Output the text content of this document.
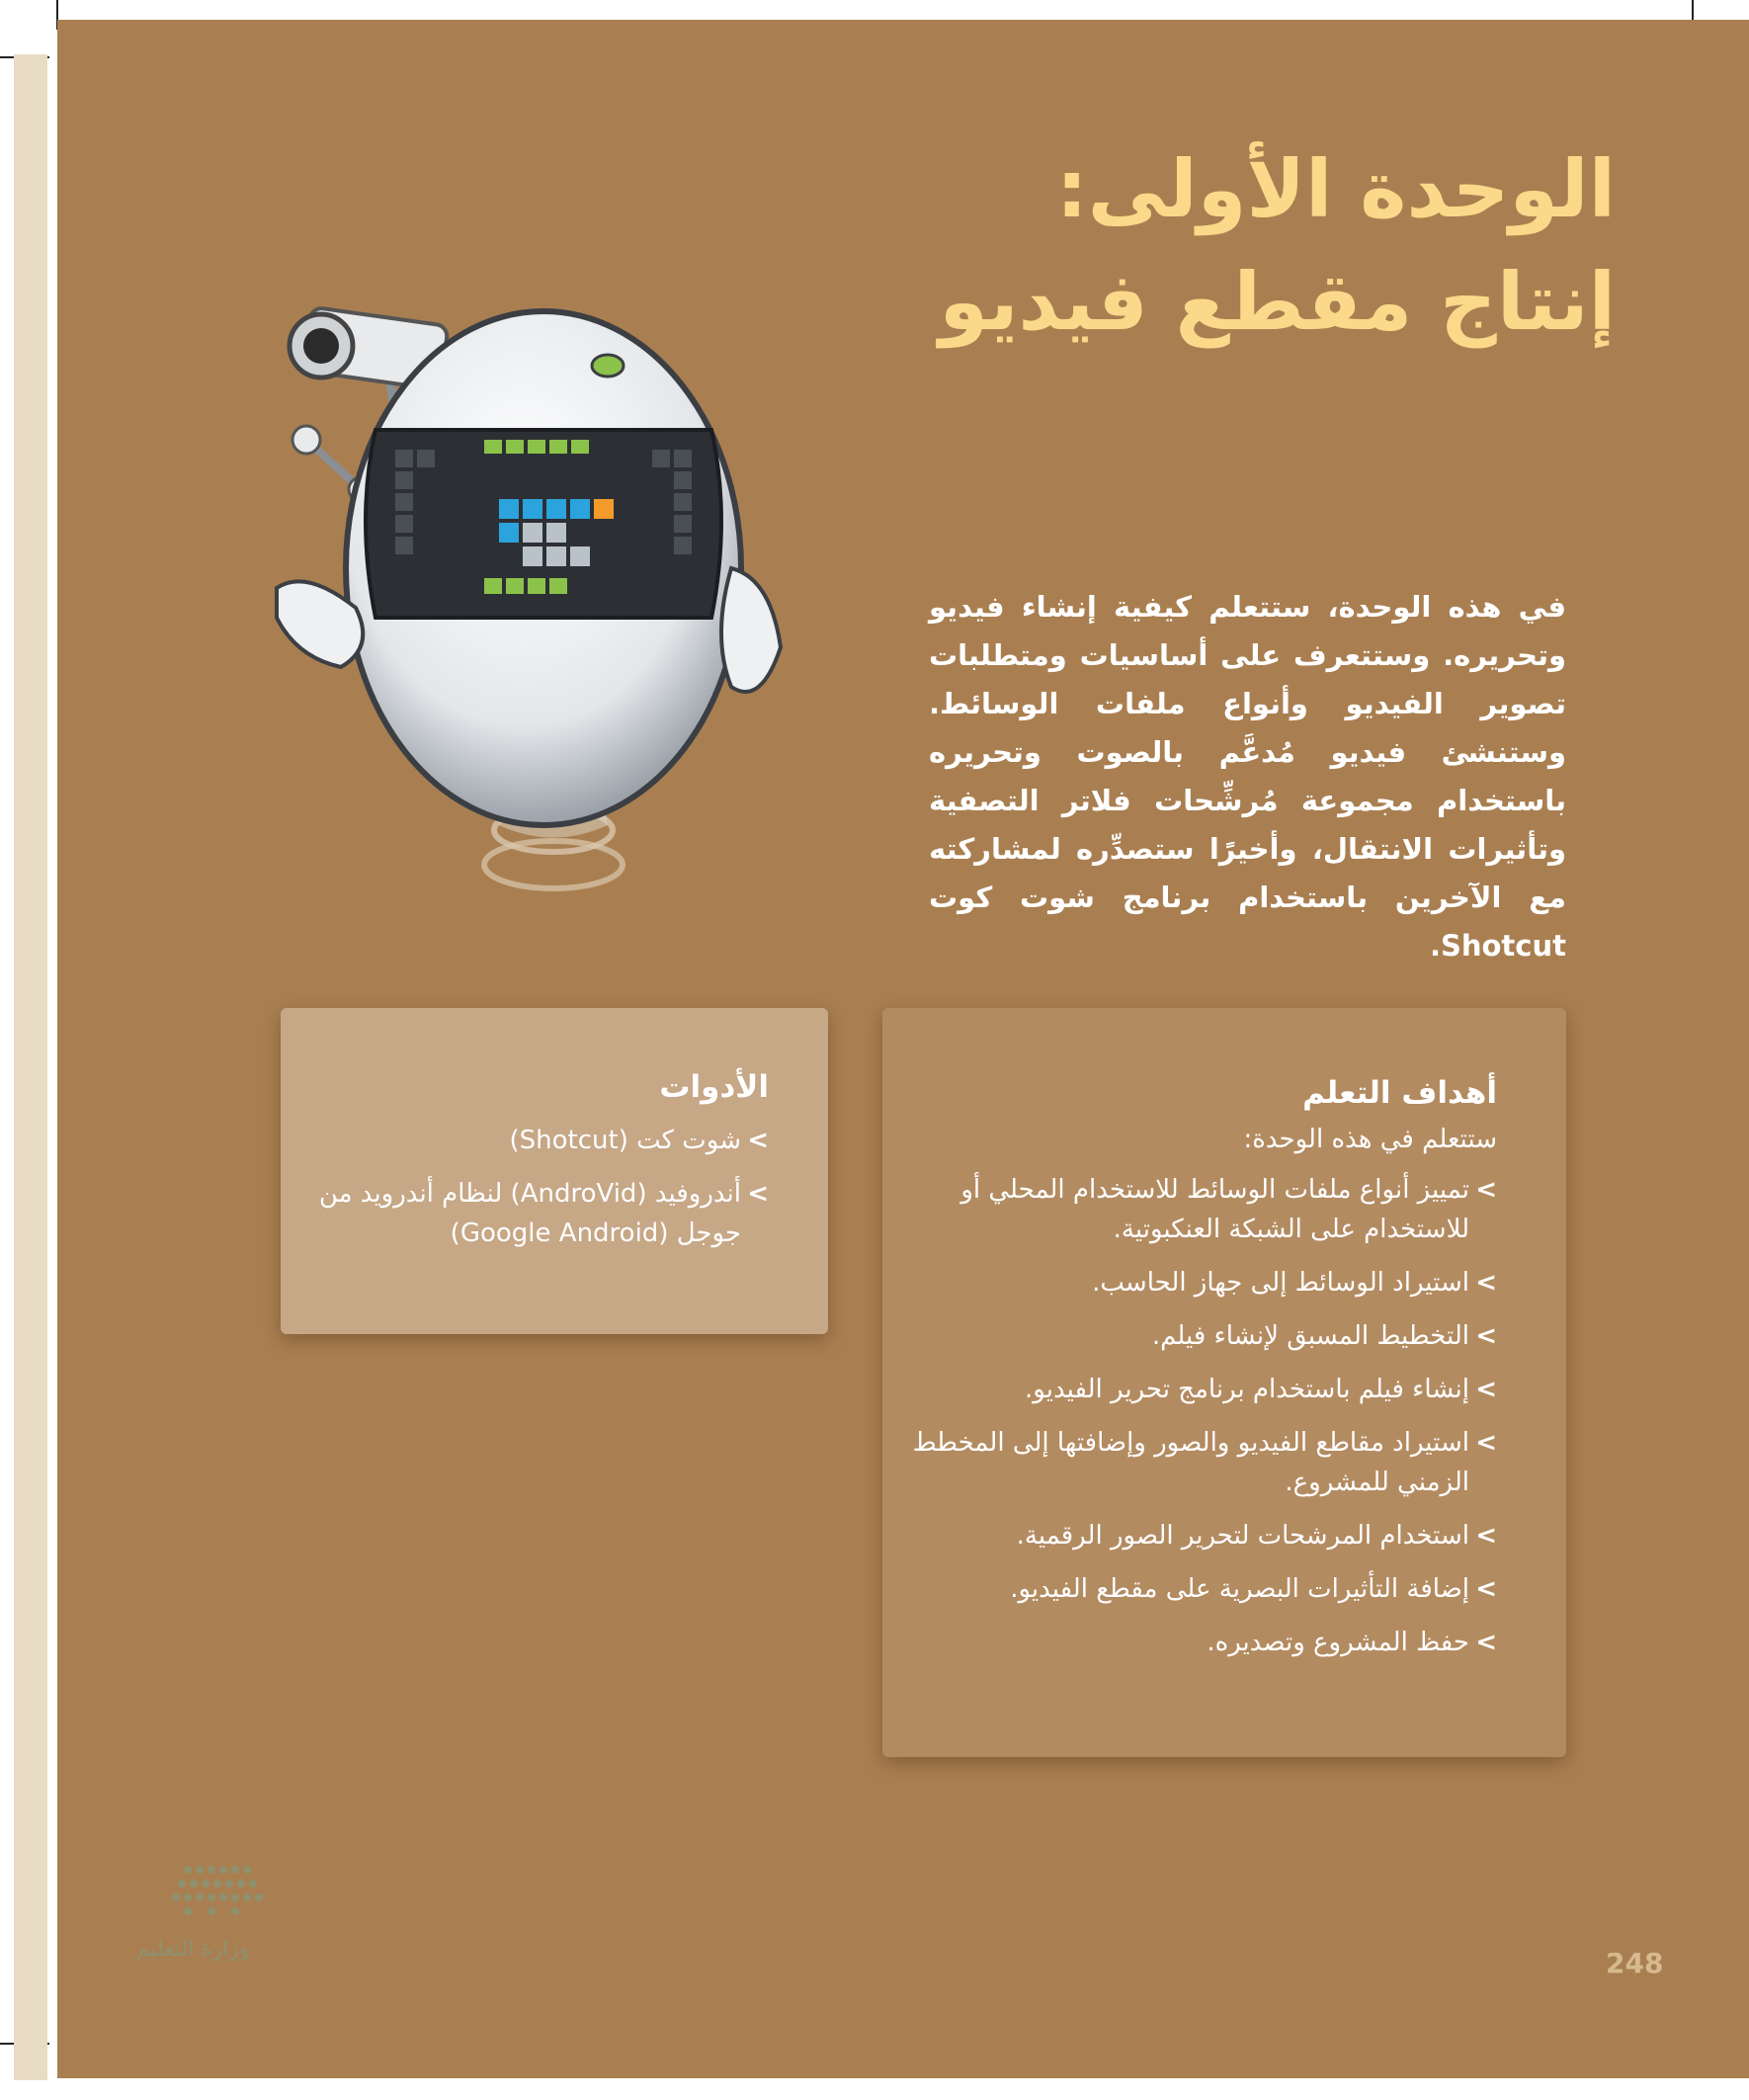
الوحدة الأولى:
إنتاج مقطع فيديو
في هذه الوحدة، ستتعلم كيفية إنشاء فيديو وتحريره. وستتعرف على أساسيات ومتطلبات تصوير الفيديو وأنواع ملفات الوسائط. وستنشئ فيديو مُدعَّم بالصوت وتحريره باستخدام مجموعة مُرشِّحات فلاتر التصفية وتأثيرات الانتقال، وأخيرًا ستصدِّره لمشاركته مع الآخرين باستخدام برنامج شوت كوت Shotcut.
الأدوات
> شوت كت (Shotcut)
> أندروفيد (AndroVid) لنظام أندرويد من جوجل (Google Android)
أهداف التعلم
ستتعلم في هذه الوحدة:
> تمييز أنواع ملفات الوسائط للاستخدام المحلي أو للاستخدام على الشبكة العنكبوتية.
> استيراد الوسائط إلى جهاز الحاسب.
> التخطيط المسبق لإنشاء فيلم.
> إنشاء فيلم باستخدام برنامج تحرير الفيديو.
> استيراد مقاطع الفيديو والصور وإضافتها إلى المخطط الزمني للمشروع.
> استخدام المرشحات لتحرير الصور الرقمية.
> إضافة التأثيرات البصرية على مقطع الفيديو.
> حفظ المشروع وتصديره.
وزارة التعليم	248
